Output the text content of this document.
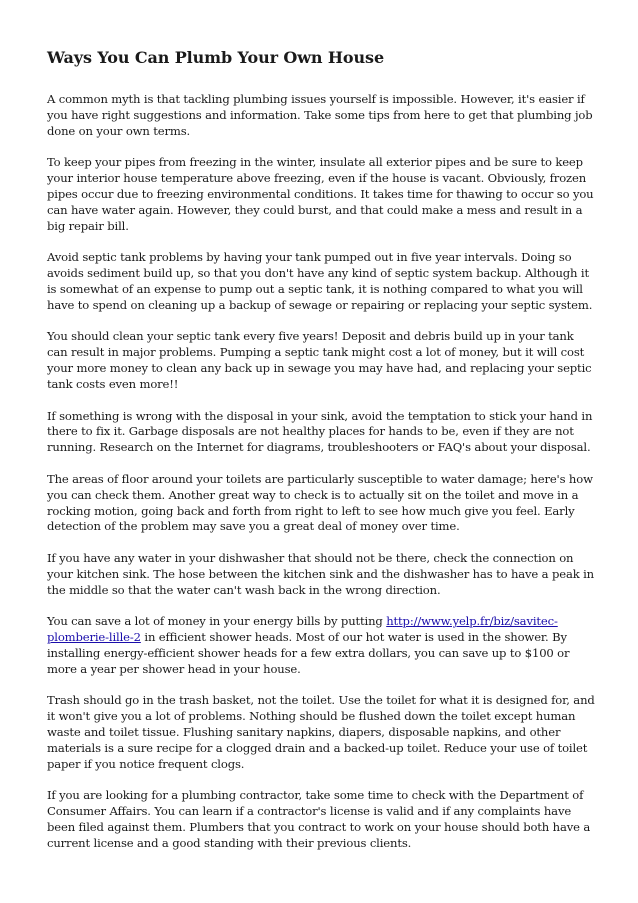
Ways You Can Plumb Your Own House

A common myth is that tackling plumbing issues yourself is impossible. However, it's easier if you have right suggestions and information. Take some tips from here to get that plumbing job done on your own terms.

To keep your pipes from freezing in the winter, insulate all exterior pipes and be sure to keep your interior house temperature above freezing, even if the house is vacant. Obviously, frozen pipes occur due to freezing environmental conditions. It takes time for thawing to occur so you can have water again. However, they could burst, and that could make a mess and result in a big repair bill.

Avoid septic tank problems by having your tank pumped out in five year intervals. Doing so avoids sediment build up, so that you don't have any kind of septic system backup. Although it is somewhat of an expense to pump out a septic tank, it is nothing compared to what you will have to spend on cleaning up a backup of sewage or repairing or replacing your septic system.

You should clean your septic tank every five years! Deposit and debris build up in your tank can result in major problems. Pumping a septic tank might cost a lot of money, but it will cost your more money to clean any back up in sewage you may have had, and replacing your septic tank costs even more!!

If something is wrong with the disposal in your sink, avoid the temptation to stick your hand in there to fix it. Garbage disposals are not healthy places for hands to be, even if they are not running. Research on the Internet for diagrams, troubleshooters or FAQ's about your disposal.

The areas of floor around your toilets are particularly susceptible to water damage; here's how you can check them. Another great way to check is to actually sit on the toilet and move in a rocking motion, going back and forth from right to left to see how much give you feel. Early detection of the problem may save you a great deal of money over time.

If you have any water in your dishwasher that should not be there, check the connection on your kitchen sink. The hose between the kitchen sink and the dishwasher has to have a peak in the middle so that the water can't wash back in the wrong direction.

You can save a lot of money in your energy bills by putting http://www.yelp.fr/biz/savitec-plomberie-lille-2 in efficient shower heads. Most of our hot water is used in the shower. By installing energy-efficient shower heads for a few extra dollars, you can save up to $100 or more a year per shower head in your house.

Trash should go in the trash basket, not the toilet. Use the toilet for what it is designed for, and it won't give you a lot of problems. Nothing should be flushed down the toilet except human waste and toilet tissue. Flushing sanitary napkins, diapers, disposable napkins, and other materials is a sure recipe for a clogged drain and a backed-up toilet. Reduce your use of toilet paper if you notice frequent clogs.

If you are looking for a plumbing contractor, take some time to check with the Department of Consumer Affairs. You can learn if a contractor's license is valid and if any complaints have been filed against them. Plumbers that you contract to work on your house should both have a current license and a good standing with their previous clients.
